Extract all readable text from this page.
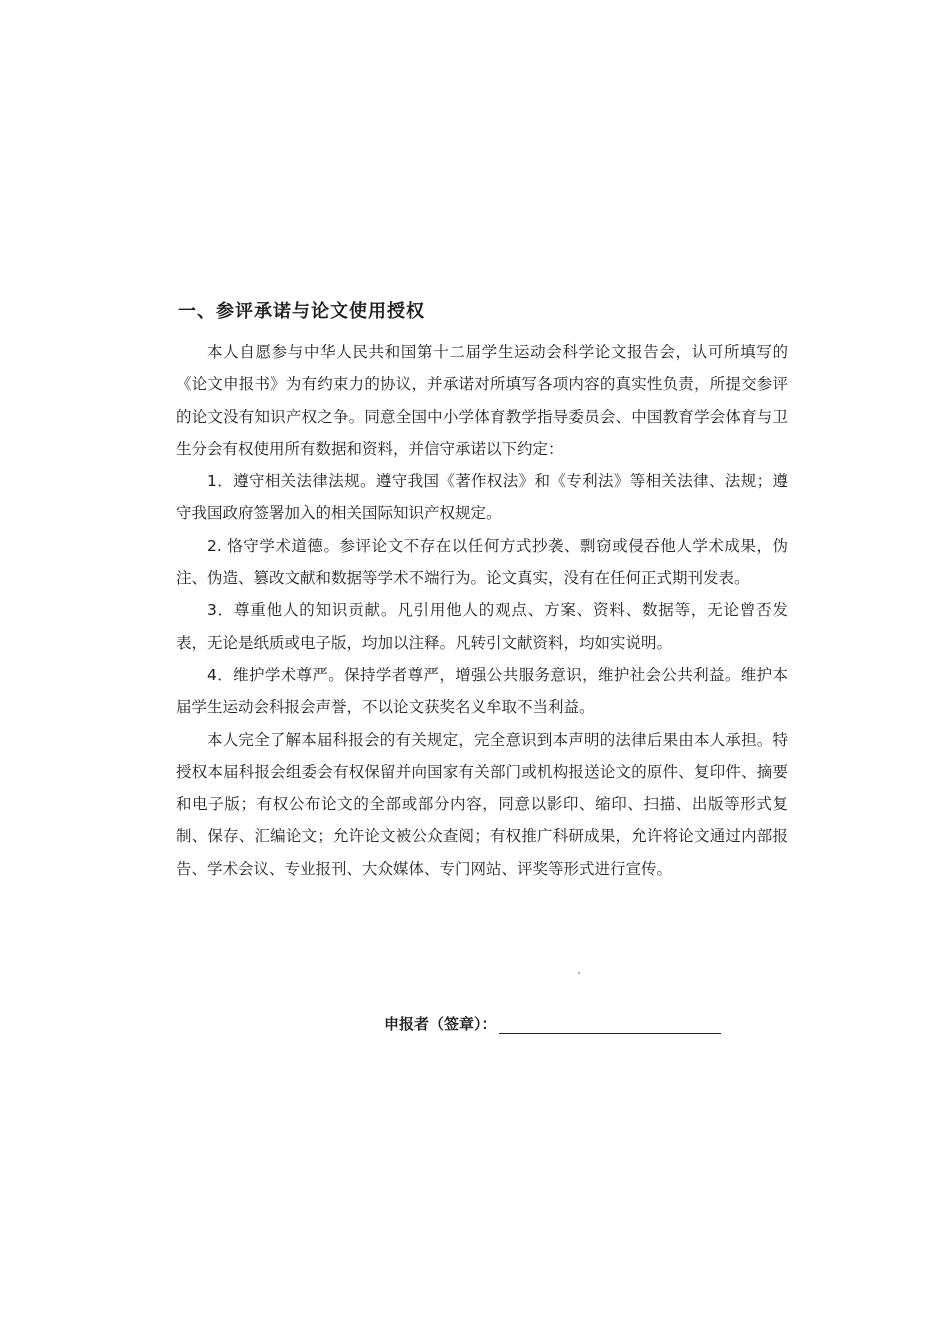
一、参评承诺与论文使用授权

本人自愿参与中华人民共和国第十二届学生运动会科学论文报告会，认可所填写的《论文申报书》为有约束力的协议，并承诺对所填写各项内容的真实性负责，所提交参评的论文没有知识产权之争。同意全国中小学体育教学指导委员会、中国教育学会体育与卫生分会有权使用所有数据和资料，并信守承诺以下约定：

1．遵守相关法律法规。遵守我国《著作权法》和《专利法》等相关法律、法规；遵守我国政府签署加入的相关国际知识产权规定。

2. 恪守学术道德。参评论文不存在以任何方式抄袭、剽窃或侵吞他人学术成果，伪注、伪造、篡改文献和数据等学术不端行为。论文真实，没有在任何正式期刊发表。

3．尊重他人的知识贡献。凡引用他人的观点、方案、资料、数据等，无论曾否发表，无论是纸质或电子版，均加以注释。凡转引文献资料，均如实说明。

4．维护学术尊严。保持学者尊严，增强公共服务意识，维护社会公共利益。维护本届学生运动会科报会声誉，不以论文获奖名义牟取不当利益。

本人完全了解本届科报会的有关规定，完全意识到本声明的法律后果由本人承担。特授权本届科报会组委会有权保留并向国家有关部门或机构报送论文的原件、复印件、摘要和电子版；有权公布论文的全部或部分内容，同意以影印、缩印、扫描、出版等形式复制、保存、汇编论文；允许论文被公众查阅；有权推广科研成果，允许将论文通过内部报告、学术会议、专业报刊、大众媒体、专门网站、评奖等形式进行宣传。

申报者（签章）：
